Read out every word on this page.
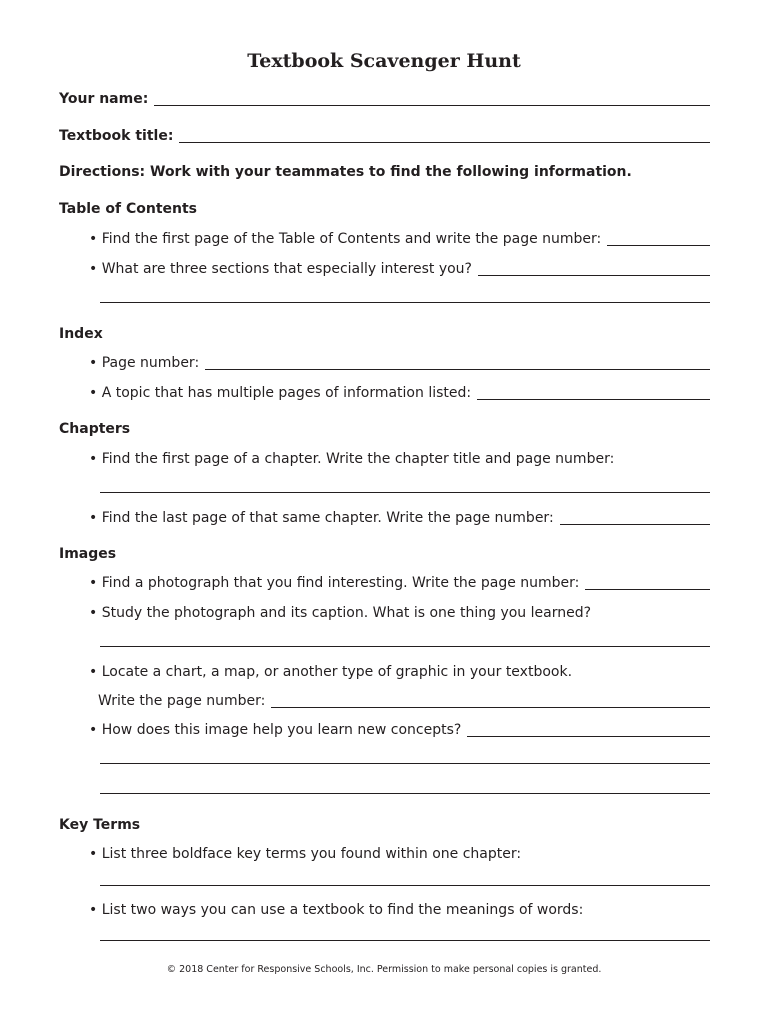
Textbook Scavenger Hunt
Your name:
Textbook title:
Directions: Work with your teammates to find the following information.
Table of Contents
• Find the first page of the Table of Contents and write the page number:
• What are three sections that especially interest you?
Index
• Page number:
• A topic that has multiple pages of information listed:
Chapters
• Find the first page of a chapter. Write the chapter title and page number:
• Find the last page of that same chapter. Write the page number:
Images
• Find a photograph that you find interesting. Write the page number:
• Study the photograph and its caption. What is one thing you learned?
• Locate a chart, a map, or another type of graphic in your textbook.
Write the page number:
• How does this image help you learn new concepts?
Key Terms
• List three boldface key terms you found within one chapter:
• List two ways you can use a textbook to find the meanings of words:
© 2018 Center for Responsive Schools, Inc. Permission to make personal copies is granted.
